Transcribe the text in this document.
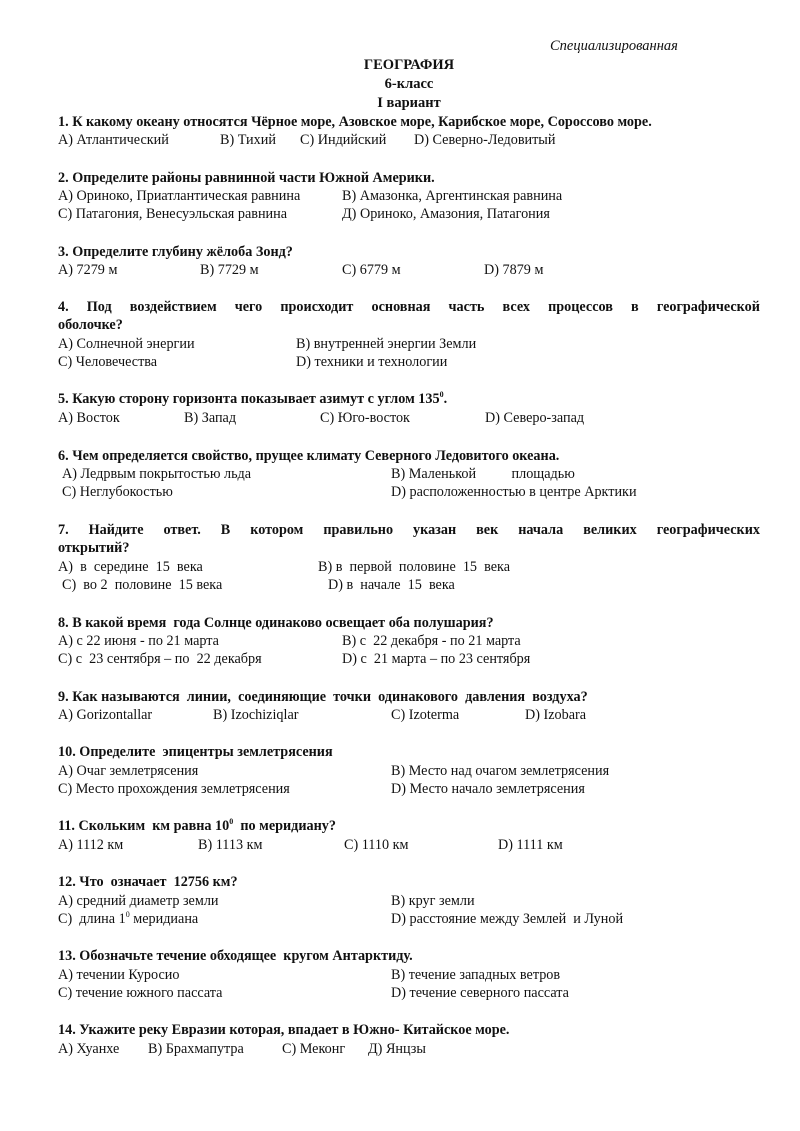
Специализированная
ГЕОГРАФИЯ
6-класс
I вариант
1. К какому океану относятся Чёрное море, Азовское море, Карибское море, Сороссово море.
А) Атлантический	В) Тихий С) Индийский D) Северно-Ледовитый
2. Определите районы равнинной части Южной Америки.
А) Ориноко, Приатлантическая равнина	В) Амазонка, Аргентинская равнина
С) Патагония, Венесуэльская равнина	Д) Ориноко, Амазония, Патагония
3. Определите глубину жёлоба Зонд?
А) 7279 м	В) 7729 м	С) 6779 м	D) 7879 м
4. Под воздействием чего происходит основная часть всех процессов в географической
оболочке?
А) Солнечной энергии	В) внутренней энергии Земли
С) Человечества	D) техники и технологии
5. Какую сторону горизонта показывает азимут с углом $135^0$.
А) Восток	В) Запад	С) Юго-восток	D) Северо-запад
6. Чем определяется свойство, прущее климату Северного Ледовитого океана.
А) Ледрвым покрытостью льда	В) Маленькой          площадью
С) Неглубокостью	D) расположенностью в центре Арктики
7. Найдите ответ. В котором правильно указан век начала великих географических
открытий?
А)  в  середине  15  века	В) в  первой  половине  15  века
С)  во 2  половине  15 века	D) в  начале  15  века
8. В какой время  года Солнце одинаково освещает оба полушария?
А) с 22 июня - по 21 марта	В) с  22 декабря - по 21 марта
С) с  23 сентября – по  22 декабря	D) с  21 марта – по 23 сентября
9. Как называются  линии,  соединяющие  точки  одинакового  давления  воздуха?
A) Gorizontallar	B) Izochiziqlar	C) Izoterma	D) Izobara
10. Определите  эпицентры землетрясения
А) Очаг землетрясения	В) Место над очагом землетрясения
С) Место прохождения землетрясения	D) Место начало землетрясения
11. Скольким  км равна $10^0$  по меридиану?
А) 1112 км	В) 1113 км	С) 1110 км	D) 1111 км
12. Что  означает  12756 км?
А) средний диаметр земли	В) круг земли
С)  длина $1^0$ меридиана	D) расстояние между Землей  и Луной
13. Обозначьте течение обходящее  кругом Антарктиду.
А) течении Куросио	В) течение западных ветров
С) течение южного пассата	D) течение северного пассата
14. Укажите реку Евразии которая, впадает в Южно- Китайское море.
А) Хуанхе В) Брахмапутра	С) Меконг Д) Янцзы
